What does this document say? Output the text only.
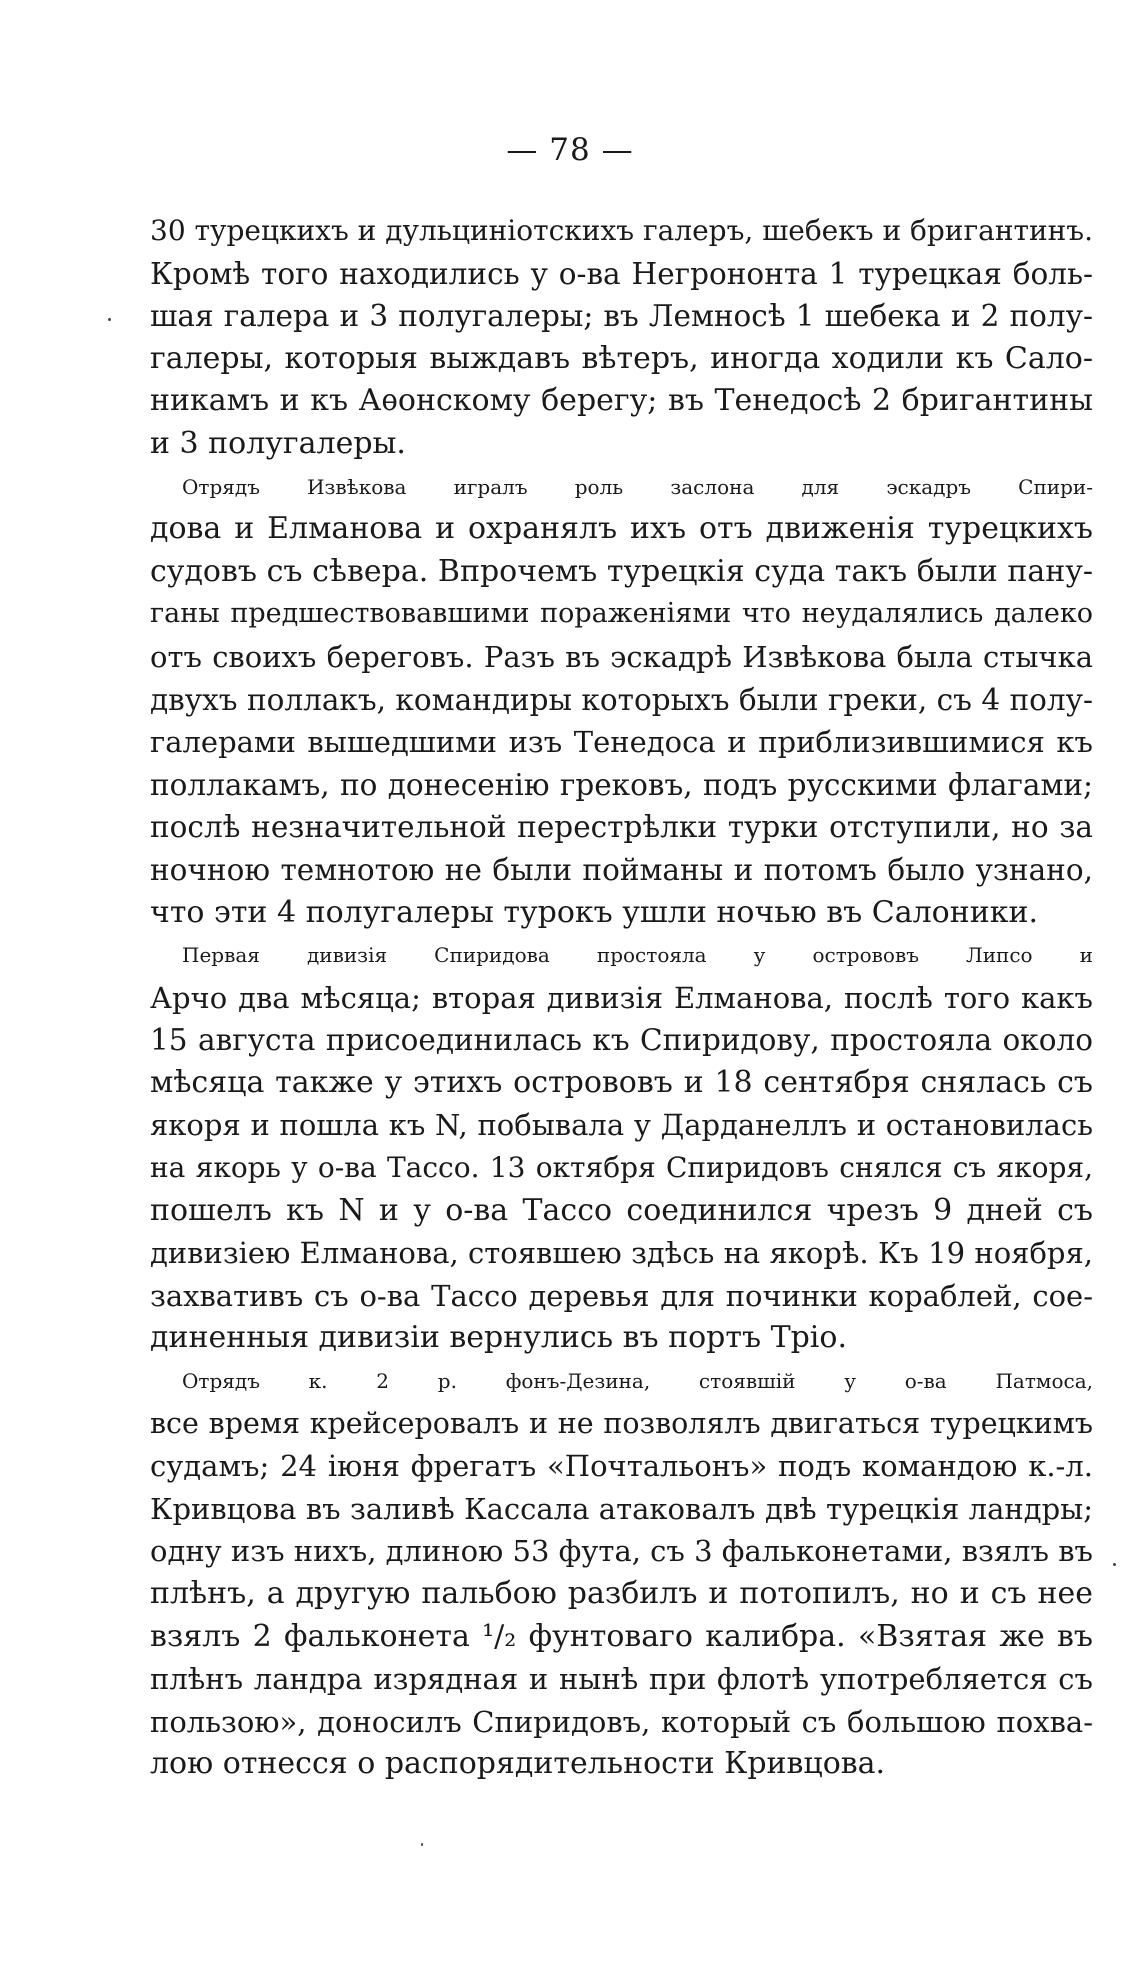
— 78 —
30 турецкихъ и дульциніотскихъ галеръ, шебекъ и бригантинъ.
Кромѣ того находились у о-ва Негрононта 1 турецкая боль-
шая галера и 3 полугалеры; въ Лемносѣ 1 шебека и 2 полу-
галеры, которыя выждавъ вѣтеръ, иногда ходили къ Сало-
никамъ и къ Аѳонскому берегу; въ Тенедосѣ 2 бригантины
и 3 полугалеры.
Отрядъ Извѣкова игралъ роль заслона для эскадръ Спири-
дова и Елманова и охранялъ ихъ отъ движенія турецкихъ
судовъ съ сѣвера. Впрочемъ турецкія суда такъ были пану-
ганы предшествовавшими пораженіями что неудалялись далеко
отъ своихъ береговъ. Разъ въ эскадрѣ Извѣкова была стычка
двухъ поллакъ, командиры которыхъ были греки, съ 4 полу-
галерами вышедшими изъ Тенедоса и приблизившимися къ
поллакамъ, по донесенію грековъ, подъ русскими флагами;
послѣ незначительной перестрѣлки турки отступили, но за
ночною темнотою не были пойманы и потомъ было узнано,
что эти 4 полугалеры турокъ ушли ночью въ Салоники.
Первая дивизія Спиридова простояла у острововъ Липсо и
Арчо два мѣсяца; вторая дивизія Елманова, послѣ того какъ
15 августа присоединилась къ Спиридову, простояла около
мѣсяца также у этихъ острововъ и 18 сентября снялась съ
якоря и пошла къ N, побывала у Дарданеллъ и остановилась
на якорь у о-ва Тассо. 13 октября Спиридовъ снялся съ якоря,
пошелъ къ N и у о-ва Тассо соединился чрезъ 9 дней съ
дивизіею Елманова, стоявшею здѣсь на якорѣ. Къ 19 ноября,
захвативъ съ о-ва Тассо деревья для починки кораблей, сое-
диненныя дивизіи вернулись въ портъ Тріо.
Отрядъ к. 2 р. фонъ-Дезина, стоявшій у о-ва Патмоса,
все время крейсеровалъ и не позволялъ двигаться турецкимъ
судамъ; 24 іюня фрегатъ «Почтальонъ» подъ командою к.-л.
Кривцова въ заливѣ Кассала атаковалъ двѣ турецкія ландры;
одну изъ нихъ, длиною 53 фута, съ 3 фальконетами, взялъ въ
плѣнъ, а другую пальбою разбилъ и потопилъ, но и съ нее
взялъ 2 фальконета ¹/₂ фунтоваго калибра. «Взятая же въ
плѣнъ ландра изрядная и нынѣ при флотѣ употребляется съ
пользою», доносилъ Спиридовъ, который съ большою похва-
лою отнесся о распорядительности Кривцова.
